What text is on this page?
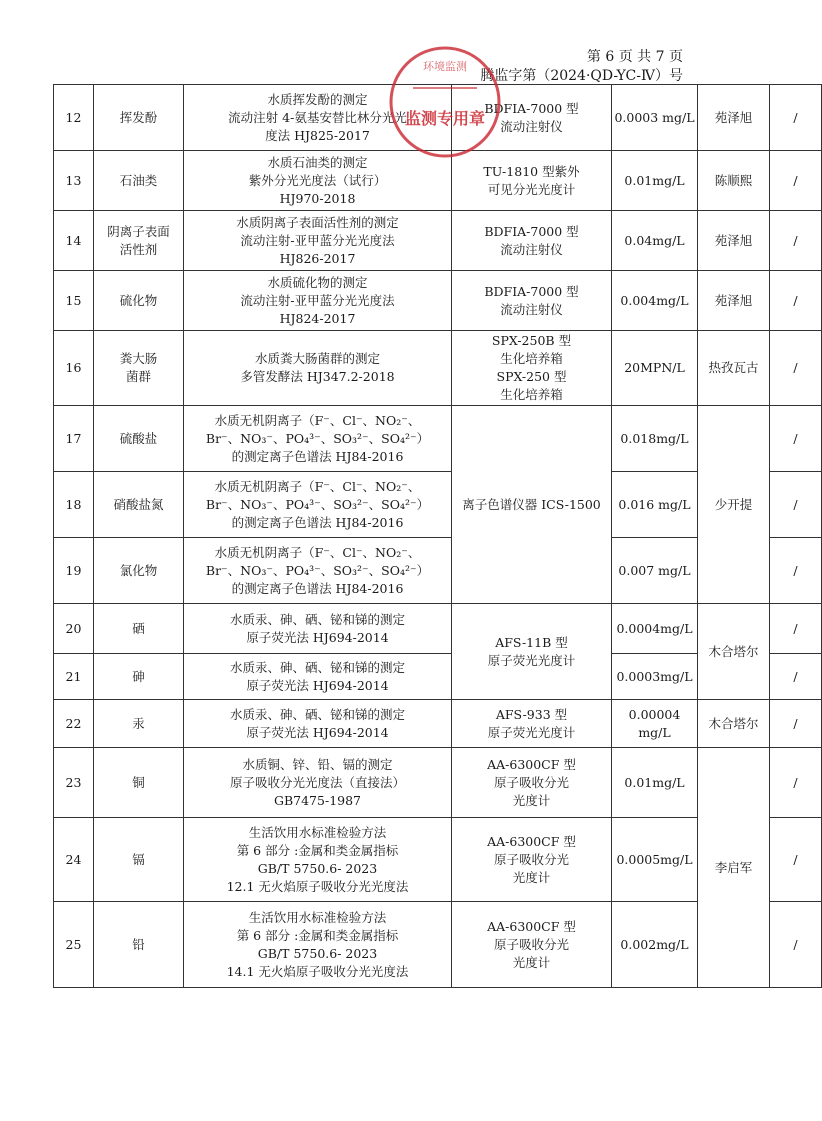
第 6 页 共 7 页
腾监字第（2024·QD-YC-Ⅳ）号
12	挥发酚	水质挥发酚的测定
流动注射 4-氨基安替比林分光光
度法 HJ825-2017	BDFIA-7000 型
流动注射仪	0.0003 mg/L	苑泽旭	/
13	石油类	水质石油类的测定
紫外分光光度法（试行）
HJ970-2018	TU-1810 型紫外
可见分光光度计	0.01mg/L	陈顺熙	/
14	阴离子表面
活性剂	水质阴离子表面活性剂的测定
流动注射-亚甲蓝分光光度法
HJ826-2017	BDFIA-7000 型
流动注射仪	0.04mg/L	苑泽旭	/
15	硫化物	水质硫化物的测定
流动注射-亚甲蓝分光光度法
HJ824-2017	BDFIA-7000 型
流动注射仪	0.004mg/L	苑泽旭	/
16	粪大肠
菌群	水质粪大肠菌群的测定
多管发酵法 HJ347.2-2018	SPX-250B 型
生化培养箱
SPX-250 型
生化培养箱	20MPN/L	热孜瓦古	/
17	硫酸盐	水质无机阴离子（F⁻、Cl⁻、NO₂⁻、
Br⁻、NO₃⁻、PO₄³⁻、SO₃²⁻、SO₄²⁻）
的测定离子色谱法 HJ84-2016	离子色谱仪器 ICS-1500	0.018mg/L	少开提	/
18	硝酸盐氮	水质无机阴离子（F⁻、Cl⁻、NO₂⁻、
Br⁻、NO₃⁻、PO₄³⁻、SO₃²⁻、SO₄²⁻）
的测定离子色谱法 HJ84-2016		0.016 mg/L		/
19	氯化物	水质无机阴离子（F⁻、Cl⁻、NO₂⁻、
Br⁻、NO₃⁻、PO₄³⁻、SO₃²⁻、SO₄²⁻）
的测定离子色谱法 HJ84-2016		0.007 mg/L		/
20	硒	水质汞、砷、硒、铋和锑的测定
原子荧光法 HJ694-2014	AFS-11B 型
原子荧光光度计	0.0004mg/L	木合塔尔	/
21	砷	水质汞、砷、硒、铋和锑的测定
原子荧光法 HJ694-2014		0.0003mg/L		/
22	汞	水质汞、砷、硒、铋和锑的测定
原子荧光法 HJ694-2014	AFS-933 型
原子荧光光度计	0.00004
mg/L	木合塔尔	/
23	铜	水质铜、锌、铅、镉的测定
原子吸收分光光度法（直接法）
GB7475-1987	AA-6300CF 型
原子吸收分光
光度计	0.01mg/L	李启军	/
24	镉	生活饮用水标准检验方法
第 6 部分 :金属和类金属指标
GB/T 5750.6- 2023
12.1 无火焰原子吸收分光光度法	AA-6300CF 型
原子吸收分光
光度计	0.0005mg/L		/
25	铅	生活饮用水标准检验方法
第 6 部分 :金属和类金属指标
GB/T 5750.6- 2023
14.1 无火焰原子吸收分光光度法	AA-6300CF 型
原子吸收分光
光度计	0.002mg/L		/
监测专用章
环境监测
